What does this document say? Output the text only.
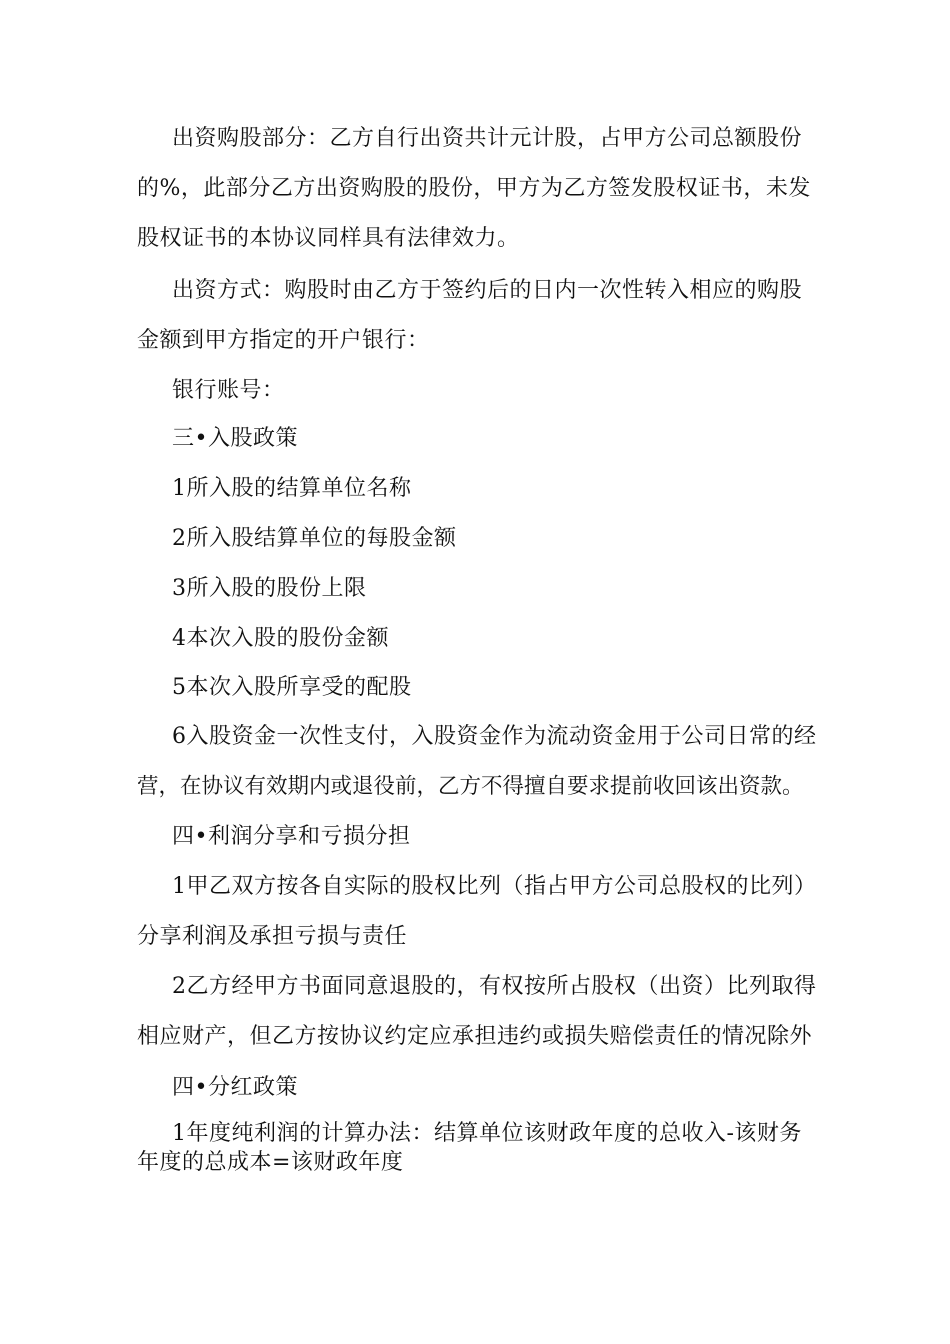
出资购股部分：乙方自行出资共计元计股，占甲方公司总额股份

的%，此部分乙方出资购股的股份，甲方为乙方签发股权证书，未发

股权证书的本协议同样具有法律效力。

出资方式：购股时由乙方于签约后的日内一次性转入相应的购股

金额到甲方指定的开户银行：

银行账号：

三•入股政策

1所入股的结算单位名称

2所入股结算单位的每股金额

3所入股的股份上限

4本次入股的股份金额

5本次入股所享受的配股

6入股资金一次性支付，入股资金作为流动资金用于公司日常的经

营，在协议有效期内或退役前，乙方不得擅自要求提前收回该出资款。

四•利润分享和亏损分担

1甲乙双方按各自实际的股权比列（指占甲方公司总股权的比列）

分享利润及承担亏损与责任

2乙方经甲方书面同意退股的，有权按所占股权（出资）比列取得

相应财产，但乙方按协议约定应承担违约或损失赔偿责任的情况除外

四•分红政策

1年度纯利润的计算办法：结算单位该财政年度的总收入-该财务

年度的总成本=该财政年度
